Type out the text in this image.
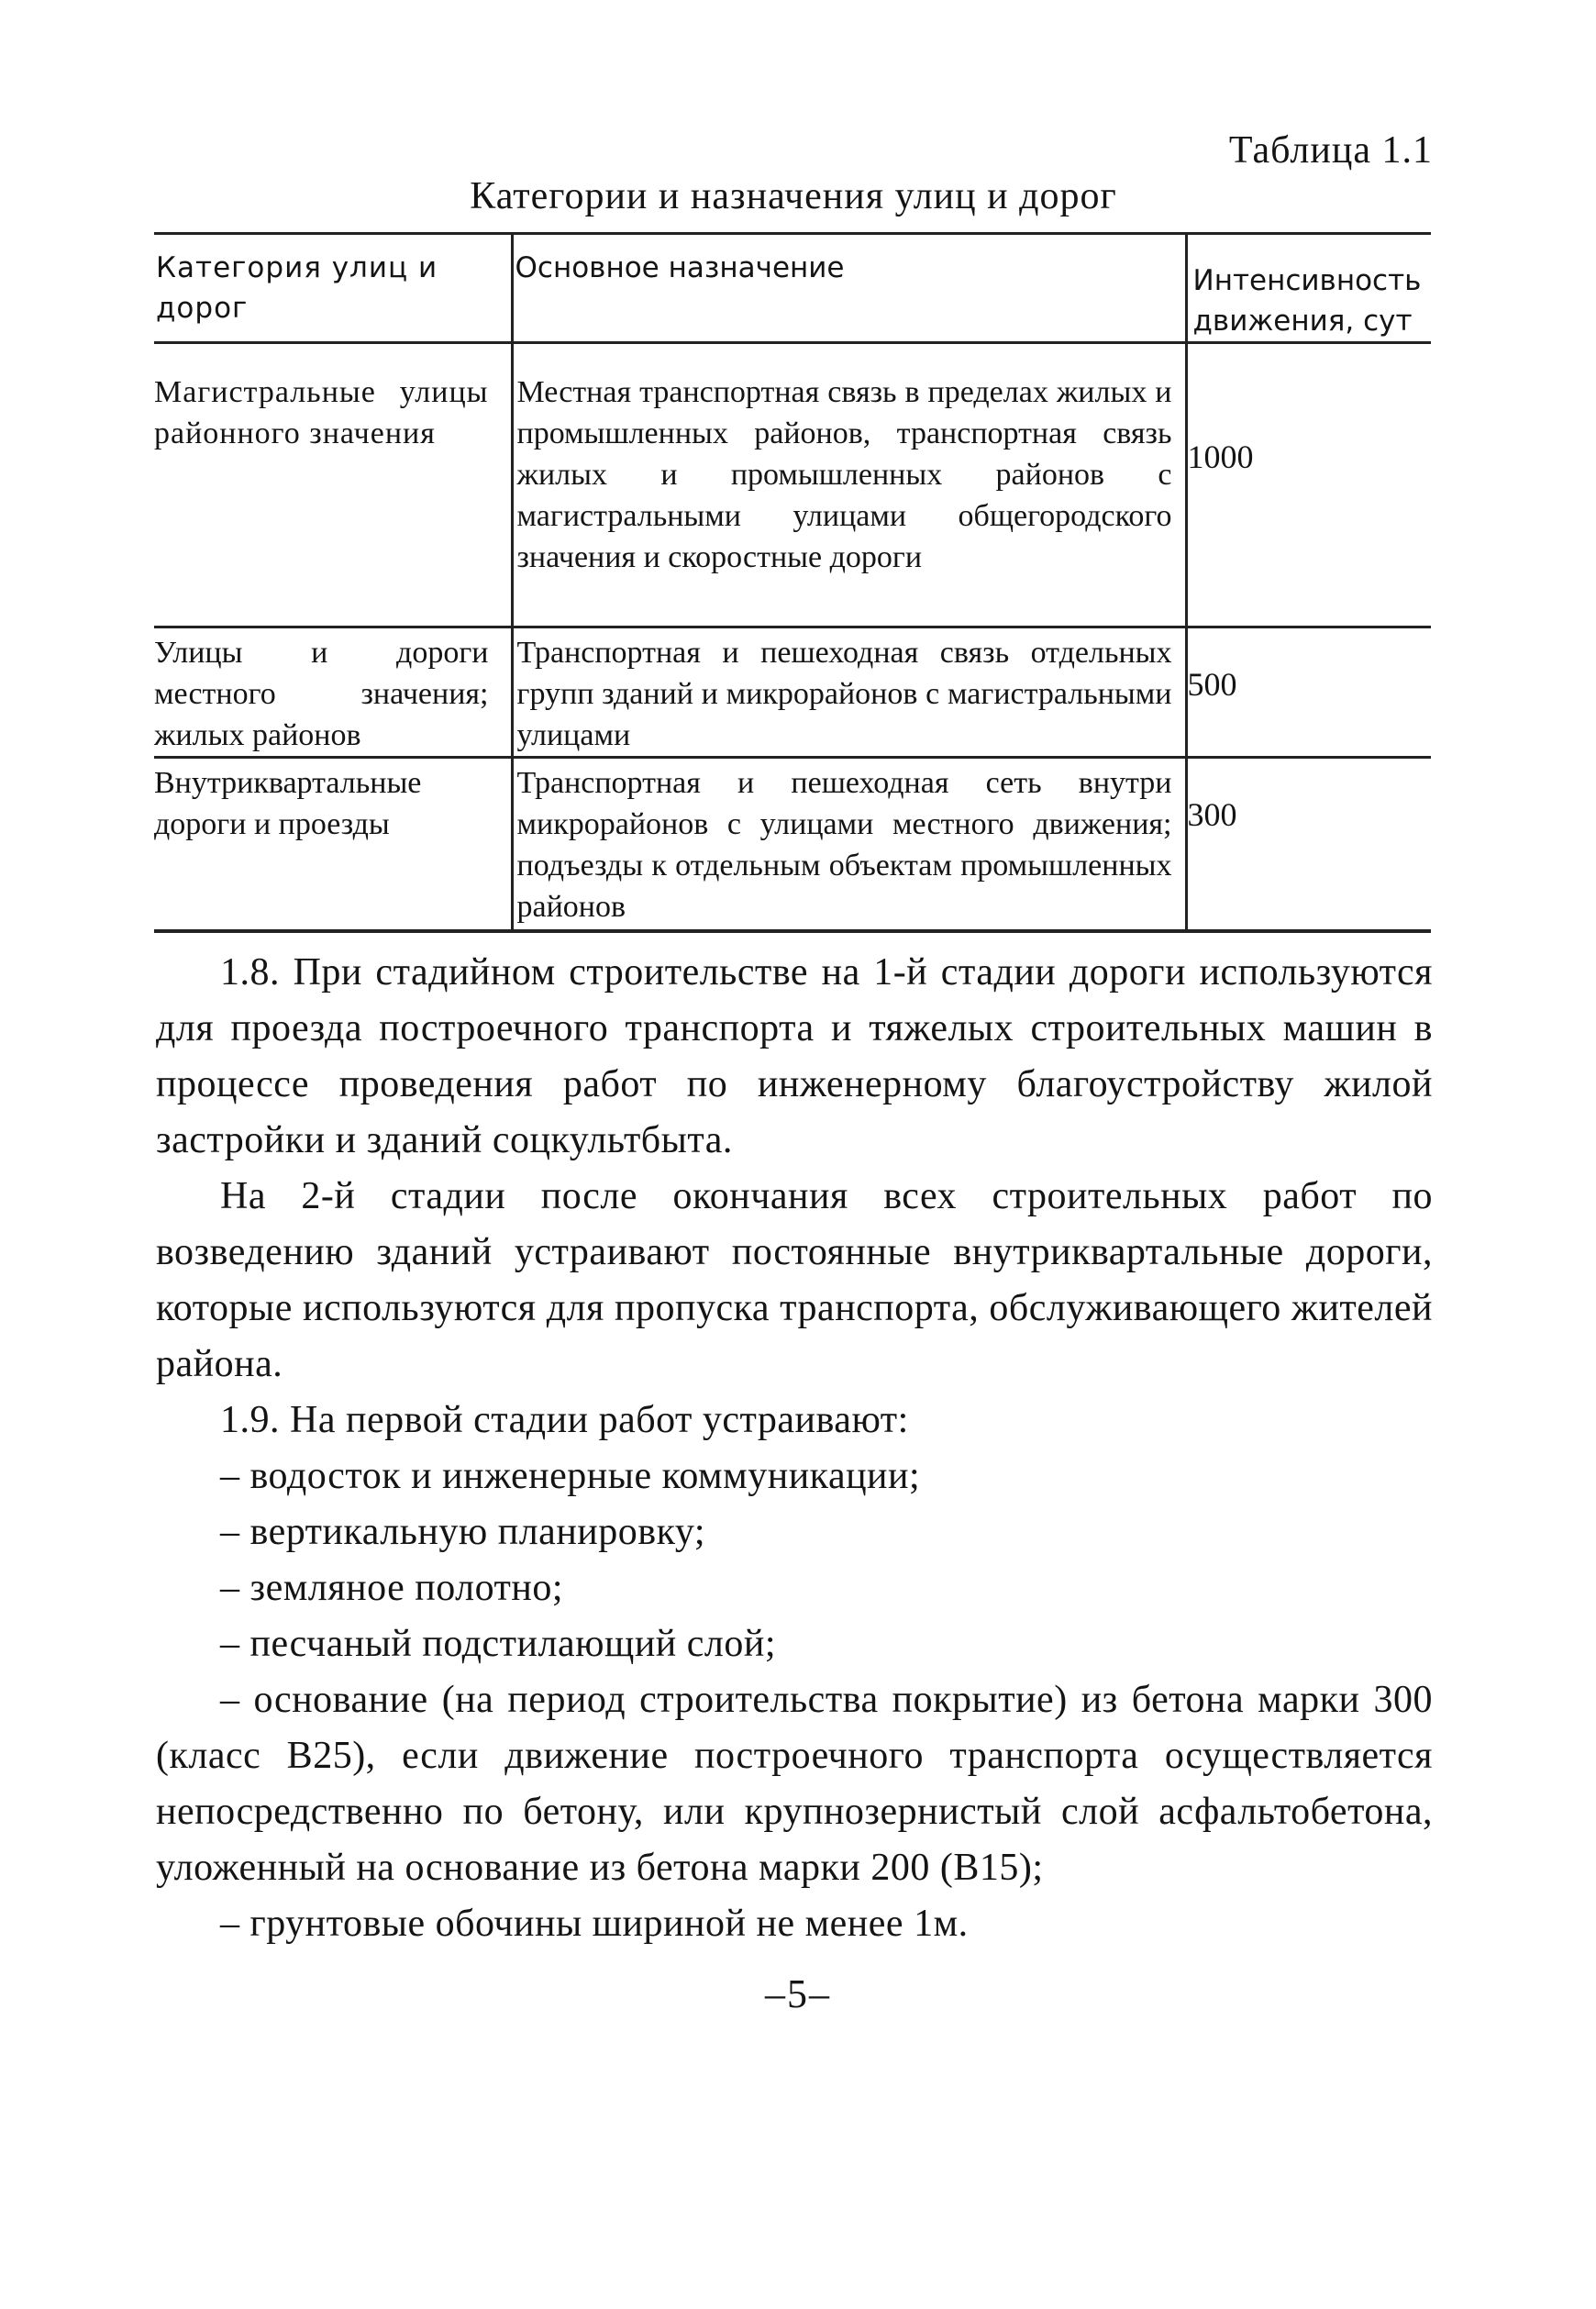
Таблица 1.1
Категории и назначения улиц и дорог
Категория улиц и дорог	Основное назначение	Интенсивность движения, сут

Магистральные улицы районного значения	Местная транспортная связь в пределах жилых и промышленных районов, транспортная связь жилых и промышленных районов с магистральными улицами общегородского значения и скоростные дороги	1000

Улицы и дороги местного значения; жилых районов	Транспортная и пешеходная связь отдельных групп зданий и микрорайонов с магистральными улицами	500

Внутриквартальные дороги и проезды	Транспортная и пешеходная сеть внутри микрорайонов с улицами местного движения; подъезды к отдельным объектам промышленных районов	300

1.8. При стадийном строительстве на 1-й стадии дороги используются для проезда построечного транспорта и тяжелых строительных машин в процессе проведения работ по инженерному благоустройству жилой застройки и зданий соцкультбыта.

На 2-й стадии после окончания всех строительных работ по возведению зданий устраивают постоянные внутриквартальные дороги, которые используются для пропуска транспорта, обслуживающего жителей района.

1.9. На первой стадии работ устраивают:

– водосток и инженерные коммуникации;

– вертикальную планировку;

– земляное полотно;

– песчаный подстилающий слой;

– основание (на период строительства покрытие) из бетона марки 300 (класс B25), если движение построечного транспорта осуществляется непосредственно по бетону, или крупнозернистый слой асфальтобетона, уложенный на основание из бетона марки 200 (B15);

– грунтовые обочины шириной не менее 1м.

–5–
